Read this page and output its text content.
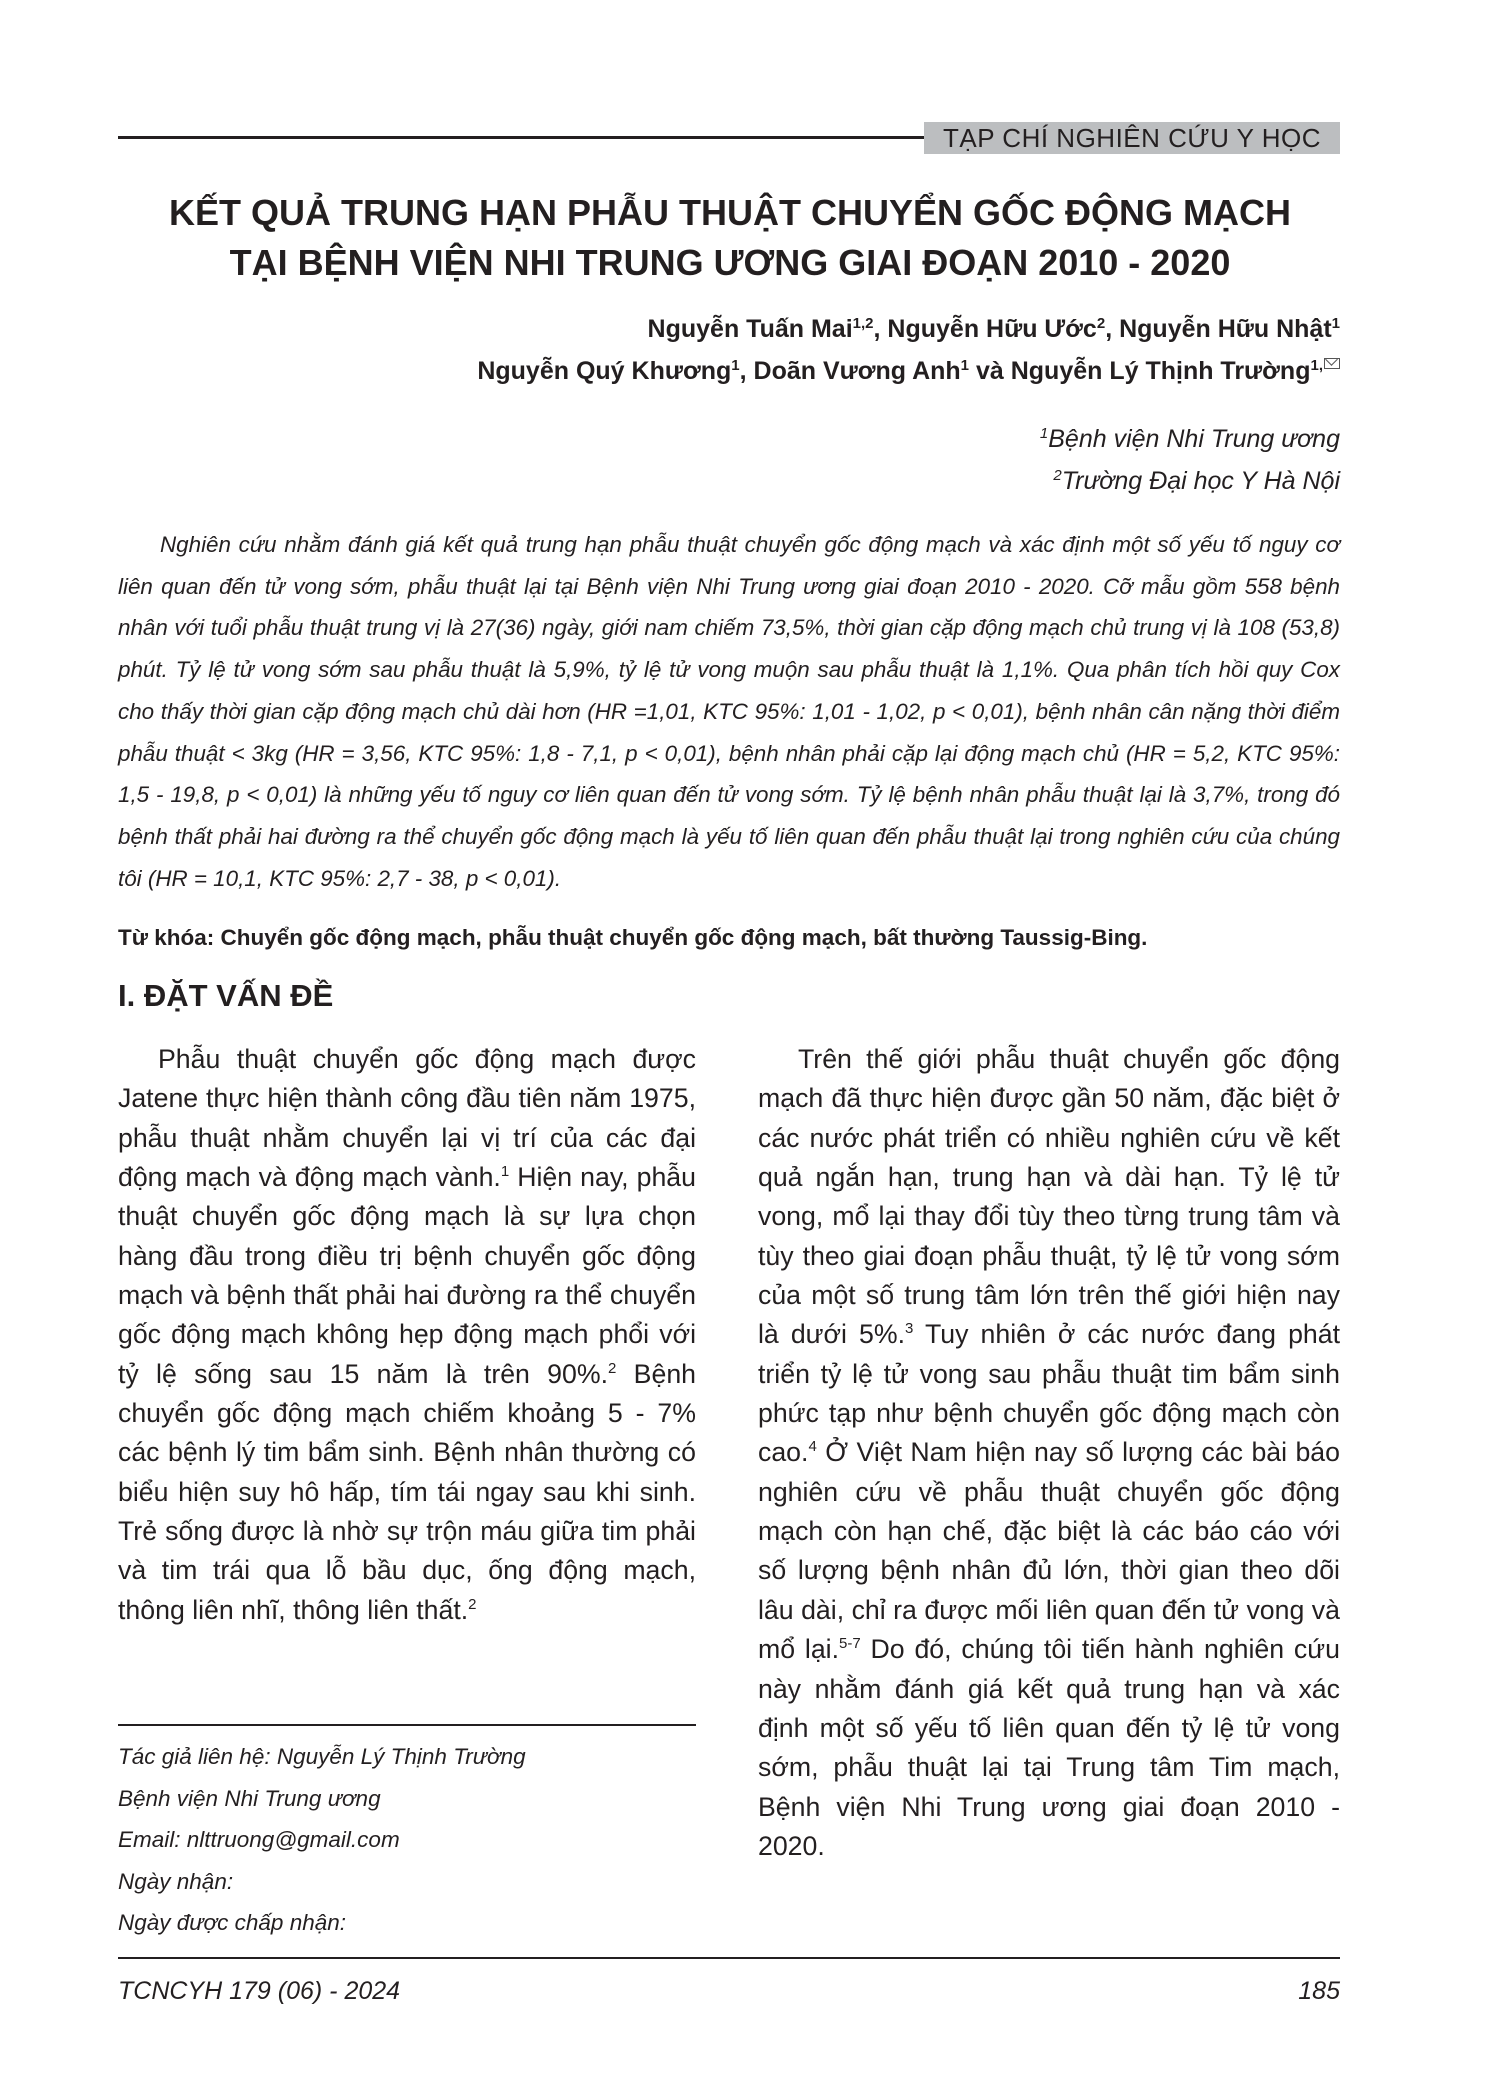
TẠP CHÍ NGHIÊN CỨU Y HỌC
KẾT QUẢ TRUNG HẠN PHẪU THUẬT CHUYỂN GỐC ĐỘNG MẠCH
TẠI BỆNH VIỆN NHI TRUNG ƯƠNG GIAI ĐOẠN 2010 - 2020
Nguyễn Tuấn Mai$^{1,2}$, Nguyễn Hữu Ước$^2$, Nguyễn Hữu Nhật$^1$
Nguyễn Quý Khương$^1$, Doãn Vương Anh$^1$ và Nguyễn Lý Thịnh Trường$^{1,}$
$^1$Bệnh viện Nhi Trung ương
$^2$Trường Đại học Y Hà Nội

Nghiên cứu nhằm đánh giá kết quả trung hạn phẫu thuật chuyển gốc động mạch và xác định một số yếu tố nguy cơ liên quan đến tử vong sớm, phẫu thuật lại tại Bệnh viện Nhi Trung ương giai đoạn 2010 - 2020. Cỡ mẫu gồm 558 bệnh nhân với tuổi phẫu thuật trung vị là 27(36) ngày, giới nam chiếm 73,5%, thời gian cặp động mạch chủ trung vị là 108 (53,8) phút. Tỷ lệ tử vong sớm sau phẫu thuật là 5,9%, tỷ lệ tử vong muộn sau phẫu thuật là 1,1%. Qua phân tích hồi quy Cox cho thấy thời gian cặp động mạch chủ dài hơn (HR =1,01, KTC 95%: 1,01 - 1,02, p < 0,01), bệnh nhân cân nặng thời điểm phẫu thuật < 3kg (HR = 3,56, KTC 95%: 1,8 - 7,1, p < 0,01), bệnh nhân phải cặp lại động mạch chủ (HR = 5,2, KTC 95%: 1,5 - 19,8, p < 0,01) là những yếu tố nguy cơ liên quan đến tử vong sớm. Tỷ lệ bệnh nhân phẫu thuật lại là 3,7%, trong đó bệnh thất phải hai đường ra thể chuyển gốc động mạch là yếu tố liên quan đến phẫu thuật lại trong nghiên cứu của chúng tôi (HR = 10,1, KTC 95%: 2,7 - 38, p < 0,01).

Từ khóa: Chuyển gốc động mạch, phẫu thuật chuyển gốc động mạch, bất thường Taussig-Bing.

I. ĐẶT VẤN ĐỀ

Phẫu thuật chuyển gốc động mạch được Jatene thực hiện thành công đầu tiên năm 1975, phẫu thuật nhằm chuyển lại vị trí của các đại động mạch và động mạch vành.$^1$ Hiện nay, phẫu thuật chuyển gốc động mạch là sự lựa chọn hàng đầu trong điều trị bệnh chuyển gốc động mạch và bệnh thất phải hai đường ra thể chuyển gốc động mạch không hẹp động mạch phổi với tỷ lệ sống sau 15 năm là trên 90%.$^2$ Bệnh chuyển gốc động mạch chiếm khoảng 5 - 7% các bệnh lý tim bẩm sinh. Bệnh nhân thường có biểu hiện suy hô hấp, tím tái ngay sau khi sinh. Trẻ sống được là nhờ sự trộn máu giữa tim phải và tim trái qua lỗ bầu dục, ống động mạch, thông liên nhĩ, thông liên thất.$^2$

Trên thế giới phẫu thuật chuyển gốc động mạch đã thực hiện được gần 50 năm, đặc biệt ở các nước phát triển có nhiều nghiên cứu về kết quả ngắn hạn, trung hạn và dài hạn. Tỷ lệ tử vong, mổ lại thay đổi tùy theo từng trung tâm và tùy theo giai đoạn phẫu thuật, tỷ lệ tử vong sớm của một số trung tâm lớn trên thế giới hiện nay là dưới 5%.$^3$ Tuy nhiên ở các nước đang phát triển tỷ lệ tử vong sau phẫu thuật tim bẩm sinh phức tạp như bệnh chuyển gốc động mạch còn cao.$^4$ Ở Việt Nam hiện nay số lượng các bài báo nghiên cứu về phẫu thuật chuyển gốc động mạch còn hạn chế, đặc biệt là các báo cáo với số lượng bệnh nhân đủ lớn, thời gian theo dõi lâu dài, chỉ ra được mối liên quan đến tử vong và mổ lại.$^{5-7}$ Do đó, chúng tôi tiến hành nghiên cứu này nhằm đánh giá kết quả trung hạn và xác định một số yếu tố liên quan đến tỷ lệ tử vong sớm, phẫu thuật lại tại Trung tâm Tim mạch, Bệnh viện Nhi Trung ương giai đoạn 2010 - 2020.

Tác giả liên hệ: Nguyễn Lý Thịnh Trường
Bệnh viện Nhi Trung ương
Email: nlttruong@gmail.com
Ngày nhận:
Ngày được chấp nhận:
TCNCYH 179 (06) - 2024	185
